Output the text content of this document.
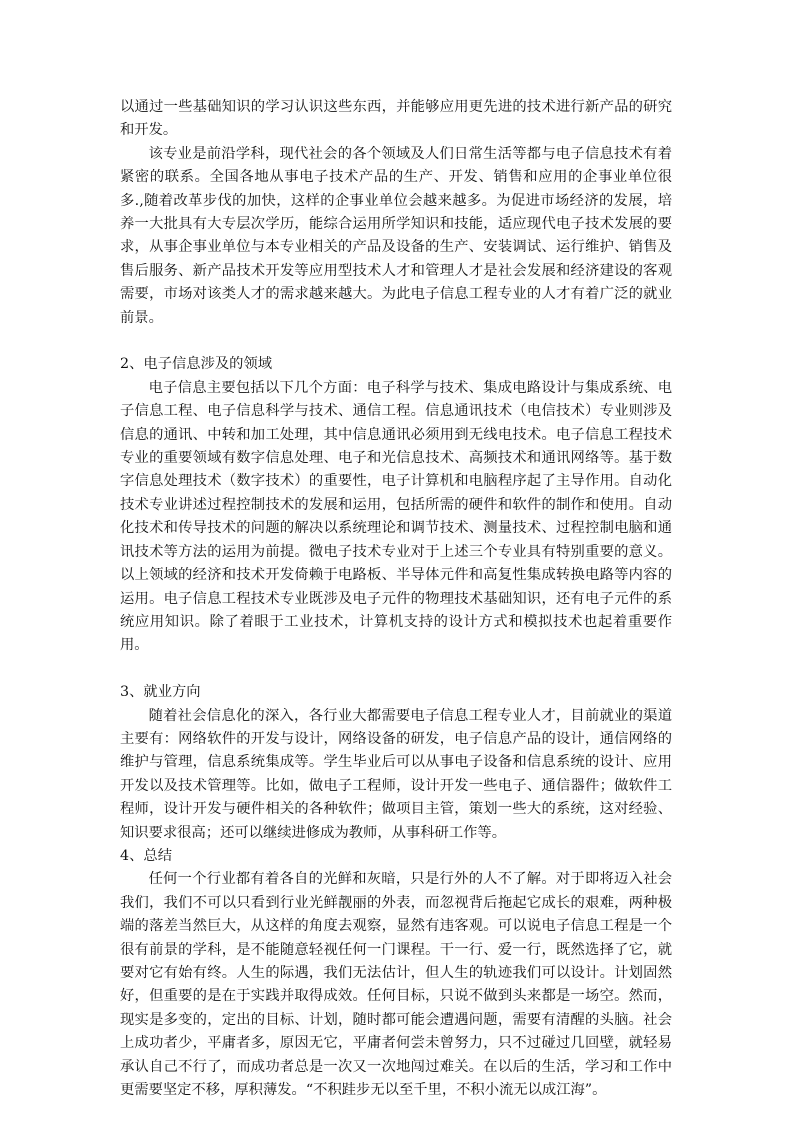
以通过一些基础知识的学习认识这些东西，并能够应用更先进的技术进行新产品的研究和开发。

该专业是前沿学科，现代社会的各个领域及人们日常生活等都与电子信息技术有着紧密的联系。全国各地从事电子技术产品的生产、开发、销售和应用的企事业单位很多.,随着改革步伐的加快，这样的企事业单位会越来越多。为促进市场经济的发展，培养一大批具有大专层次学历，能综合运用所学知识和技能，适应现代电子技术发展的要求，从事企事业单位与本专业相关的产品及设备的生产、安装调试、运行维护、销售及售后服务、新产品技术开发等应用型技术人才和管理人才是社会发展和经济建设的客观需要，市场对该类人才的需求越来越大。为此电子信息工程专业的人才有着广泛的就业前景。

2、电子信息涉及的领域

电子信息主要包括以下几个方面：电子科学与技术、集成电路设计与集成系统、电子信息工程、电子信息科学与技术、通信工程。信息通讯技术（电信技术）专业则涉及信息的通讯、中转和加工处理，其中信息通讯必须用到无线电技术。电子信息工程技术专业的重要领域有数字信息处理、电子和光信息技术、高频技术和通讯网络等。基于数字信息处理技术（数字技术）的重要性，电子计算机和电脑程序起了主导作用。自动化技术专业讲述过程控制技术的发展和运用，包括所需的硬件和软件的制作和使用。自动化技术和传导技术的问题的解决以系统理论和调节技术、测量技术、过程控制电脑和通讯技术等方法的运用为前提。微电子技术专业对于上述三个专业具有特别重要的意义。以上领域的经济和技术开发倚赖于电路板、半导体元件和高复性集成转换电路等内容的运用。电子信息工程技术专业既涉及电子元件的物理技术基础知识，还有电子元件的系统应用知识。除了着眼于工业技术，计算机支持的设计方式和模拟技术也起着重要作用。

3、就业方向

随着社会信息化的深入，各行业大都需要电子信息工程专业人才，目前就业的渠道主要有：网络软件的开发与设计，网络设备的研发，电子信息产品的设计，通信网络的维护与管理，信息系统集成等。学生毕业后可以从事电子设备和信息系统的设计、应用开发以及技术管理等。比如，做电子工程师，设计开发一些电子、通信器件；做软件工程师，设计开发与硬件相关的各种软件；做项目主管，策划一些大的系统，这对经验、知识要求很高；还可以继续进修成为教师，从事科研工作等。

4、总结

任何一个行业都有着各自的光鲜和灰暗，只是行外的人不了解。对于即将迈入社会我们，我们不可以只看到行业光鲜靓丽的外表，而忽视背后拖起它成长的艰难，两种极端的落差当然巨大，从这样的角度去观察，显然有违客观。可以说电子信息工程是一个很有前景的学科，是不能随意轻视任何一门课程。干一行、爱一行，既然选择了它，就要对它有始有终。人生的际遇，我们无法估计，但人生的轨迹我们可以设计。计划固然好，但重要的是在于实践并取得成效。任何目标，只说不做到头来都是一场空。然而，现实是多变的，定出的目标、计划，随时都可能会遭遇问题，需要有清醒的头脑。社会上成功者少，平庸者多，原因无它，平庸者何尝未曾努力，只不过碰过几回壁，就轻易承认自己不行了，而成功者总是一次又一次地闯过难关。在以后的生活，学习和工作中更需要坚定不移，厚积薄发。“不积跬步无以至千里，不积小流无以成江海”。
